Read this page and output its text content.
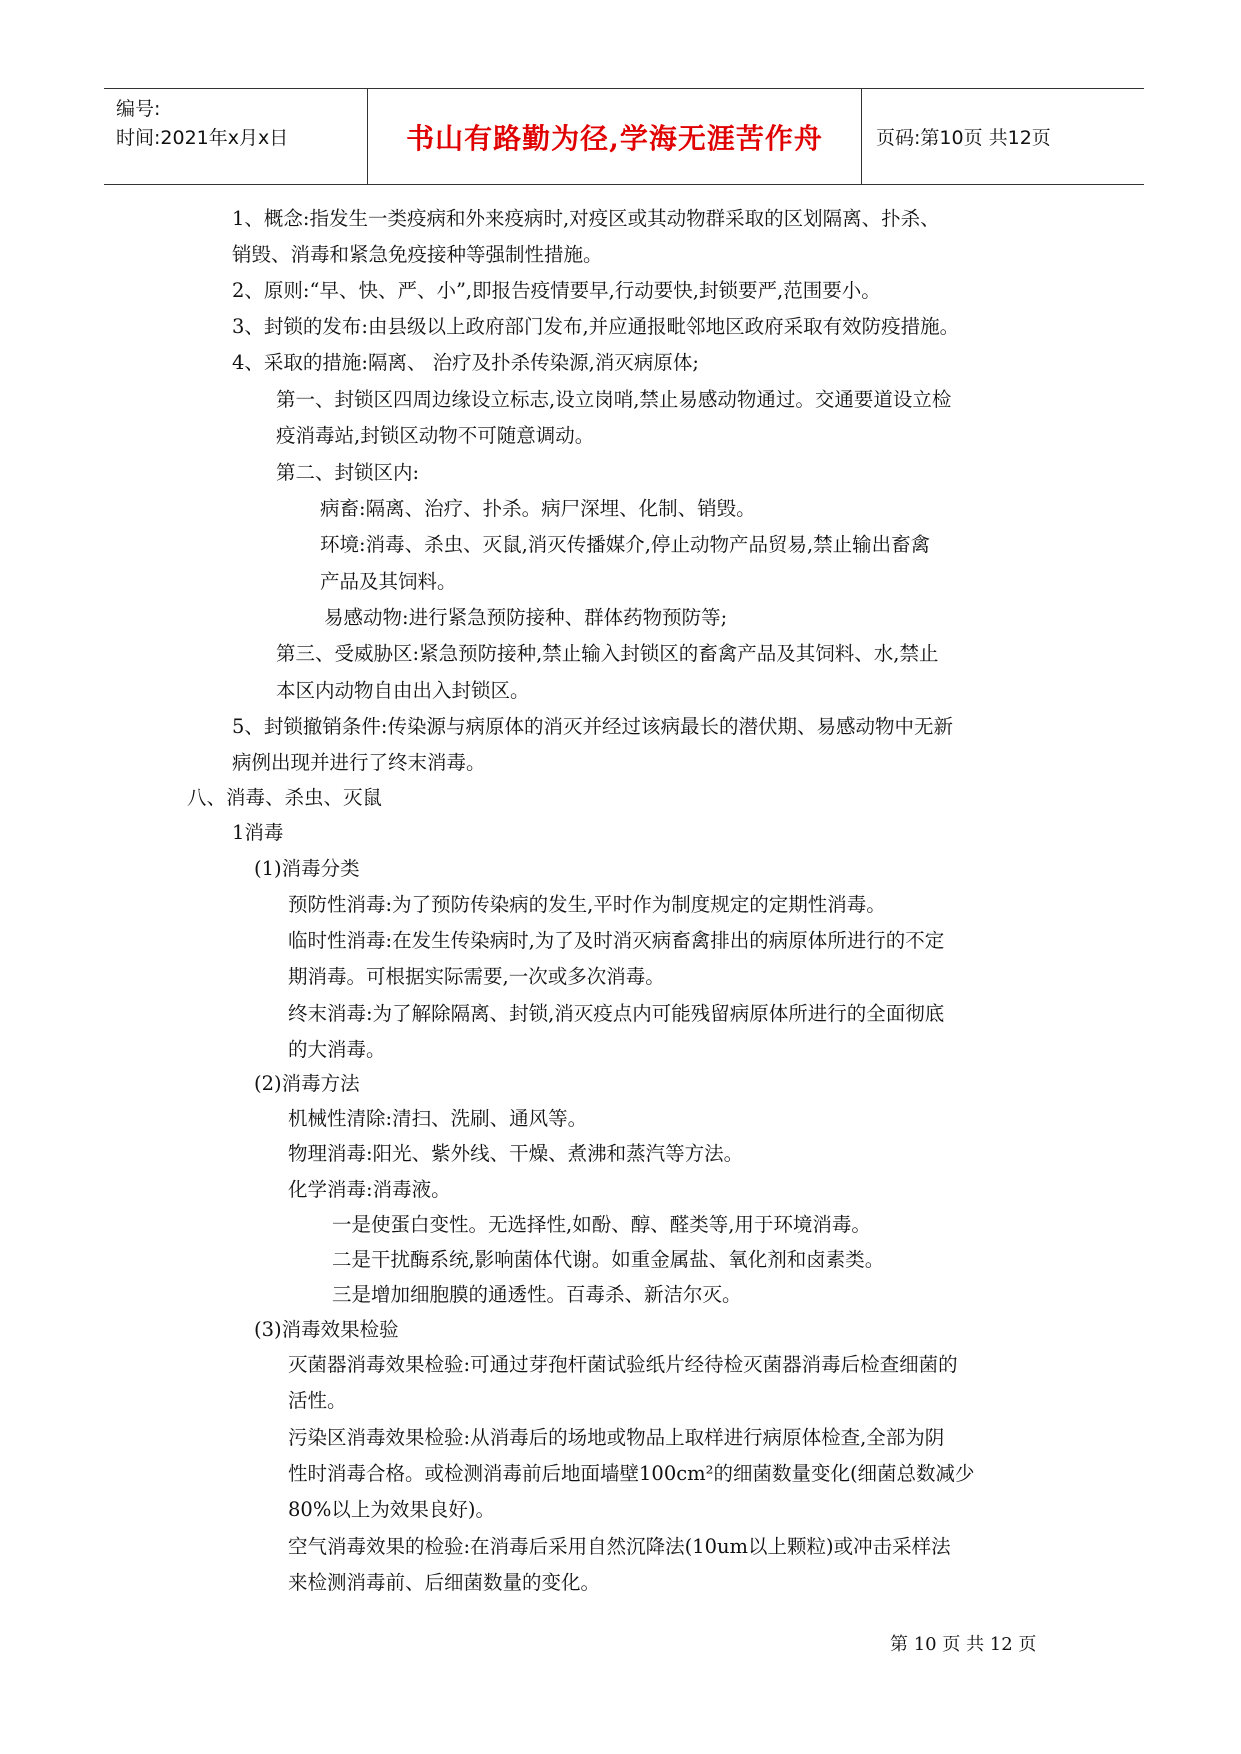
编号:
时间:2021年x月x日	书山有路勤为径,学海无涯苦作舟	页码:第10页 共12页
1、概念:指发生一类疫病和外来疫病时,对疫区或其动物群采取的区划隔离、扑杀、
销毁、消毒和紧急免疫接种等强制性措施。
2、原则:“早、快、严、小”,即报告疫情要早,行动要快,封锁要严,范围要小。
3、封锁的发布:由县级以上政府部门发布,并应通报毗邻地区政府采取有效防疫措施。
4、采取的措施:隔离、 治疗及扑杀传染源,消灭病原体;
第一、封锁区四周边缘设立标志,设立岗哨,禁止易感动物通过。交通要道设立检
疫消毒站,封锁区动物不可随意调动。
第二、封锁区内:
病畜:隔离、治疗、扑杀。病尸深埋、化制、销毁。
环境:消毒、杀虫、灭鼠,消灭传播媒介,停止动物产品贸易,禁止输出畜禽
产品及其饲料。
易感动物:进行紧急预防接种、群体药物预防等;
第三、受威胁区:紧急预防接种,禁止输入封锁区的畜禽产品及其饲料、水,禁止
本区内动物自由出入封锁区。
5、封锁撤销条件:传染源与病原体的消灭并经过该病最长的潜伏期、易感动物中无新
病例出现并进行了终末消毒。
八、消毒、杀虫、灭鼠
1消毒
(1)消毒分类
预防性消毒:为了预防传染病的发生,平时作为制度规定的定期性消毒。
临时性消毒:在发生传染病时,为了及时消灭病畜禽排出的病原体所进行的不定
期消毒。可根据实际需要,一次或多次消毒。
终末消毒:为了解除隔离、封锁,消灭疫点内可能残留病原体所进行的全面彻底
的大消毒。
(2)消毒方法
机械性清除:清扫、洗刷、通风等。
物理消毒:阳光、紫外线、干燥、煮沸和蒸汽等方法。
化学消毒:消毒液。
一是使蛋白变性。无选择性,如酚、醇、醛类等,用于环境消毒。
二是干扰酶系统,影响菌体代谢。如重金属盐、氧化剂和卤素类。
三是增加细胞膜的通透性。百毒杀、新洁尔灭。
(3)消毒效果检验
灭菌器消毒效果检验:可通过芽孢杆菌试验纸片经待检灭菌器消毒后检查细菌的
活性。
污染区消毒效果检验:从消毒后的场地或物品上取样进行病原体检查,全部为阴
性时消毒合格。或检测消毒前后地面墙壁100cm²的细菌数量变化(细菌总数减少
80%以上为效果良好)。
空气消毒效果的检验:在消毒后采用自然沉降法(10um以上颗粒)或冲击采样法
来检测消毒前、后细菌数量的变化。
第 10 页 共 12 页
